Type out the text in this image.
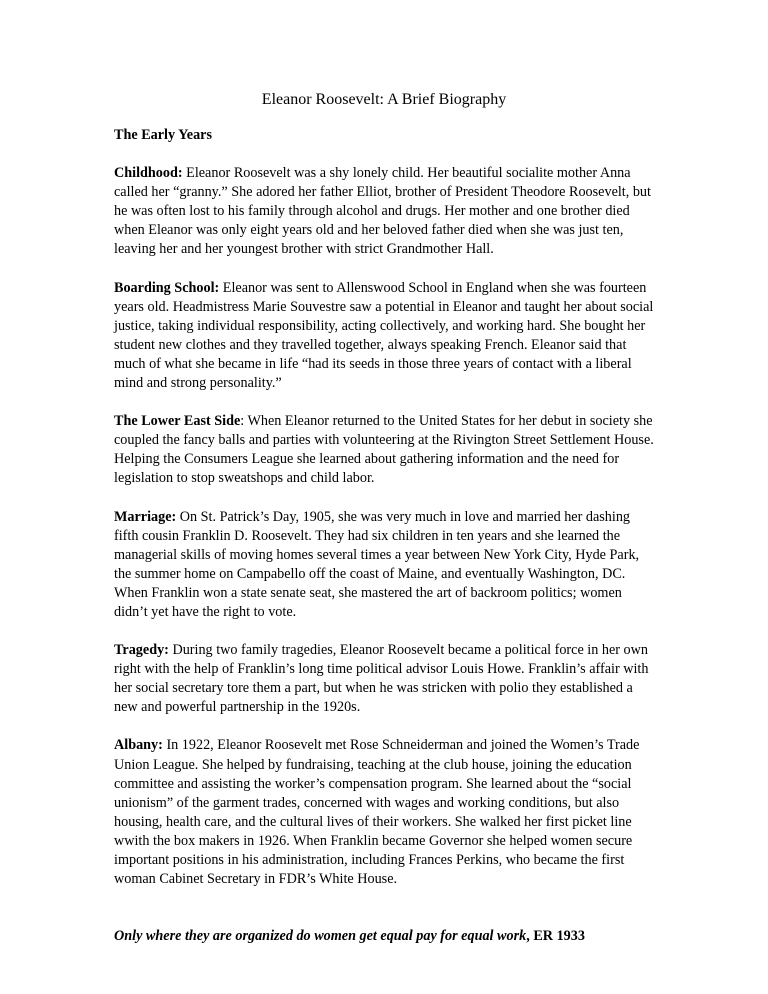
Eleanor Roosevelt: A Brief Biography
The Early Years

Childhood: Eleanor Roosevelt was a shy lonely child. Her beautiful socialite mother Anna called her “granny.” She adored her father Elliot, brother of President Theodore Roosevelt, but he was often lost to his family through alcohol and drugs. Her mother and one brother died when Eleanor was only eight years old and her beloved father died when she was just ten, leaving her and her youngest brother with strict Grandmother Hall.

Boarding School: Eleanor was sent to Allenswood School in England when she was fourteen years old. Headmistress Marie Souvestre saw a potential in Eleanor and taught her about social justice, taking individual responsibility, acting collectively, and working hard. She bought her student new clothes and they travelled together, always speaking French. Eleanor said that much of what she became in life “had its seeds in those three years of contact with a liberal mind and strong personality.”

The Lower East Side: When Eleanor returned to the United States for her debut in society she coupled the fancy balls and parties with volunteering at the Rivington Street Settlement House. Helping the Consumers League she learned about gathering information and the need for legislation to stop sweatshops and child labor.

Marriage: On St. Patrick’s Day, 1905, she was very much in love and married her dashing fifth cousin Franklin D. Roosevelt. They had six children in ten years and she learned the managerial skills of moving homes several times a year between New York City, Hyde Park, the summer home on Campabello off the coast of Maine, and eventually Washington, DC. When Franklin won a state senate seat, she mastered the art of backroom politics; women didn’t yet have the right to vote.

Tragedy: During two family tragedies, Eleanor Roosevelt became a political force in her own right with the help of Franklin’s long time political advisor Louis Howe. Franklin’s affair with her social secretary tore them a part, but when he was stricken with polio they established a new and powerful partnership in the 1920s.

Albany: In 1922, Eleanor Roosevelt met Rose Schneiderman and joined the Women’s Trade Union League. She helped by fundraising, teaching at the club house, joining the education committee and assisting the worker’s compensation program. She learned about the “social unionism” of the garment trades, concerned with wages and working conditions, but also housing, health care, and the cultural lives of their workers. She walked her first picket line wwith the box makers in 1926. When Franklin became Governor she helped women secure important positions in his administration, including Frances Perkins, who became the first woman Cabinet Secretary in FDR’s White House.

Only where they are organized do women get equal pay for equal work, ER 1933
